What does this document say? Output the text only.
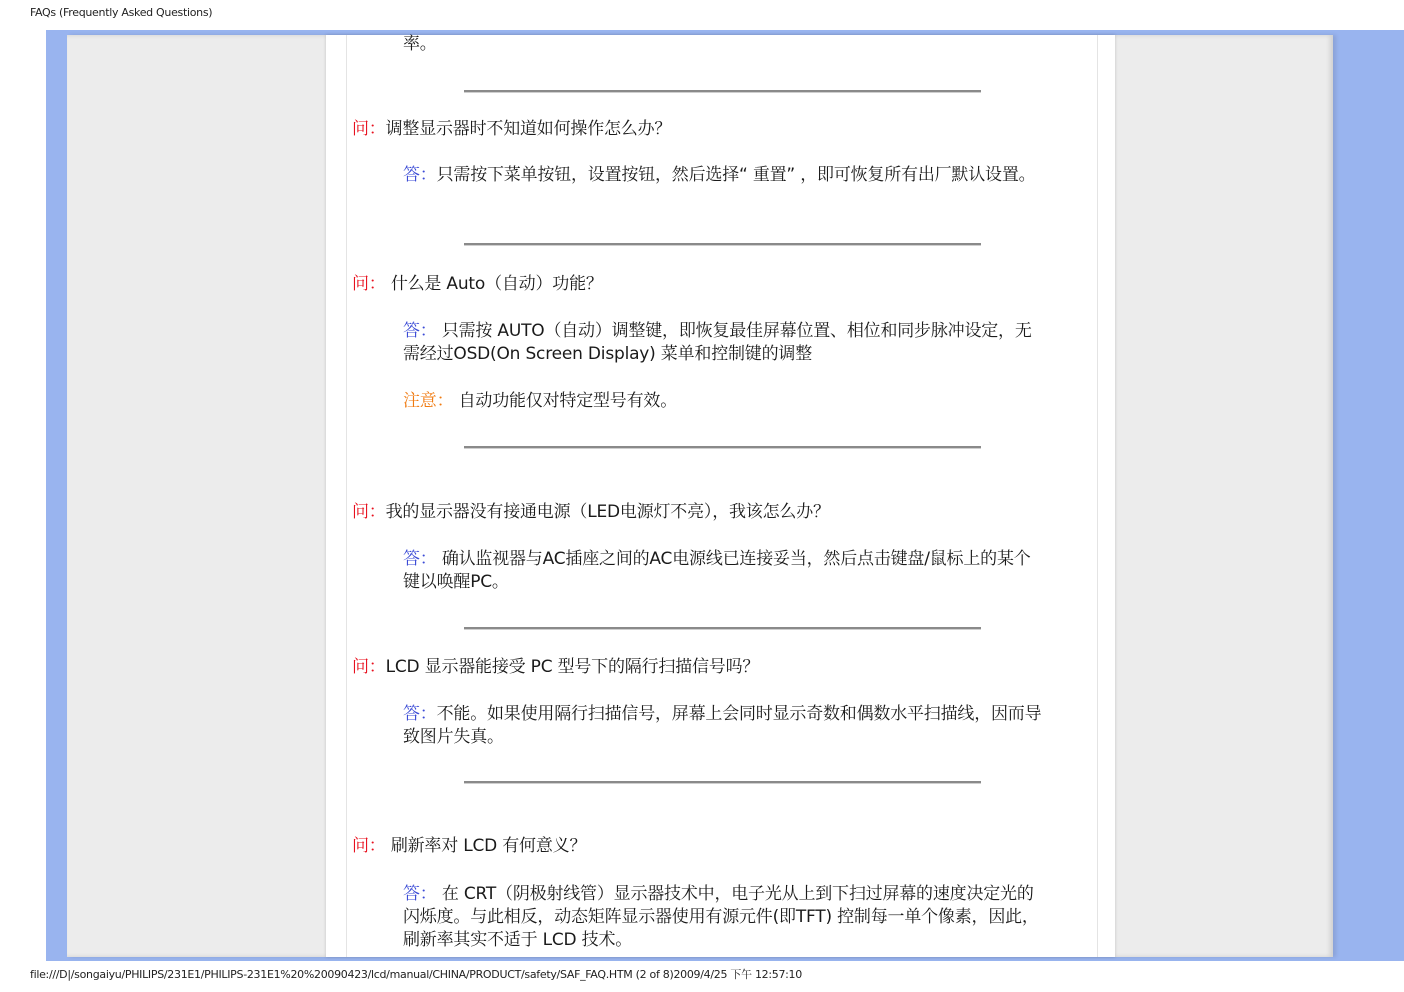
FAQs (Frequently Asked Questions)
率。
问：调整显示器时不知道如何操作怎么办？
答：只需按下菜单按钮，设置按钮，然后选择“ 重置” ，即可恢复所有出厂默认设置。
问： 什么是 Auto（自动）功能？
答： 只需按 AUTO（自动）调整键，即恢复最佳屏幕位置、相位和同步脉冲设定，无需经过OSD(On Screen Display) 菜单和控制键的调整
注意： 自动功能仅对特定型号有效。
问：我的显示器没有接通电源（LED电源灯不亮），我该怎么办？
答： 确认监视器与AC插座之间的AC电源线已连接妥当，然后点击键盘/鼠标上的某个键以唤醒PC。
问：LCD 显示器能接受 PC 型号下的隔行扫描信号吗？
答：不能。如果使用隔行扫描信号，屏幕上会同时显示奇数和偶数水平扫描线，因而导致图片失真。
问： 刷新率对 LCD 有何意义？
答： 在 CRT（阴极射线管）显示器技术中，电子光从上到下扫过屏幕的速度决定光的闪烁度。与此相反，动态矩阵显示器使用有源元件(即TFT) 控制每一单个像素，因此，刷新率其实不适于 LCD 技术。
file:///D|/songaiyu/PHILIPS/231E1/PHILIPS-231E1%20%20090423/lcd/manual/CHINA/PRODUCT/safety/SAF_FAQ.HTM (2 of 8)2009/4/25 下午 12:57:10
